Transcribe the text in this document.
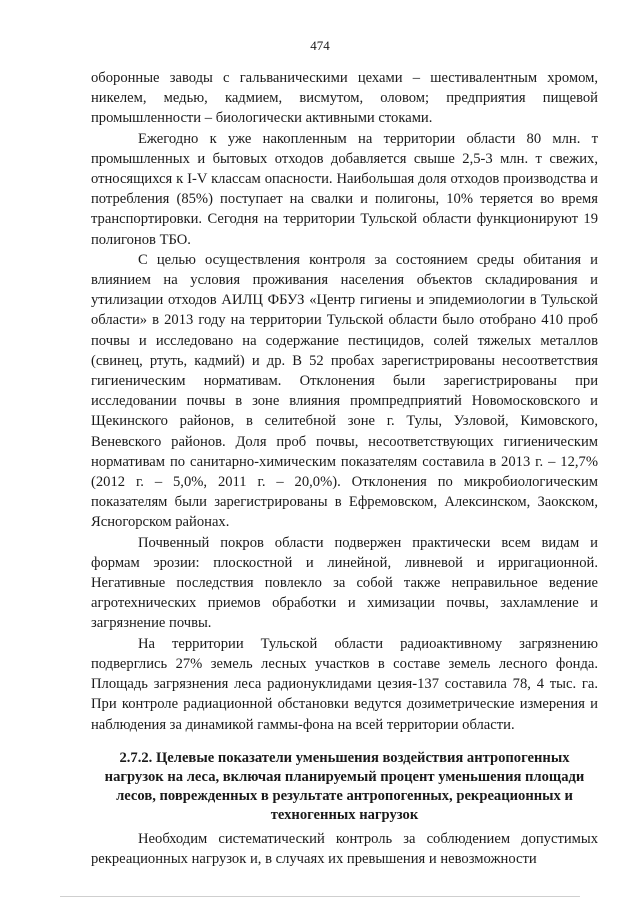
474

оборонные заводы с гальваническими цехами – шестивалентным хромом, никелем, медью, кадмием, висмутом, оловом; предприятия пищевой промышленности – биологически активными стоками.

Ежегодно к уже накопленным на территории области 80 млн. т промышленных и бытовых отходов добавляется свыше 2,5-3 млн. т свежих, относящихся к I-V классам опасности. Наибольшая доля отходов производства и потребления (85%) поступает на свалки и полигоны, 10% теряется во время транспортировки. Сегодня на территории Тульской области функционируют 19 полигонов ТБО.

С целью осуществления контроля за состоянием среды обитания и влиянием на условия проживания населения объектов складирования и утилизации отходов АИЛЦ ФБУЗ «Центр гигиены и эпидемиологии в Тульской области» в 2013 году на территории Тульской области было отобрано 410 проб почвы и исследовано на содержание пестицидов, солей тяжелых металлов (свинец, ртуть, кадмий) и др. В 52 пробах зарегистрированы несоответствия гигиеническим нормативам. Отклонения были зарегистрированы при исследовании почвы в зоне влияния промпредприятий Новомосковского и Щекинского районов, в селитебной зоне г. Тулы, Узловой, Кимовского, Веневского районов. Доля проб почвы, несоответствующих гигиеническим нормативам по санитарно-химическим показателям составила в 2013 г. – 12,7% (2012 г. – 5,0%, 2011 г. – 20,0%). Отклонения по микробиологическим показателям были зарегистрированы в Ефремовском, Алексинском, Заокском, Ясногорском районах.

Почвенный покров области подвержен практически всем видам и формам эрозии: плоскостной и линейной, ливневой и ирригационной. Негативные последствия повлекло за собой также неправильное ведение агротехнических приемов обработки и химизации почвы, захламление и загрязнение почвы.

На территории Тульской области радиоактивному загрязнению подверглись 27% земель лесных участков в составе земель лесного фонда. Площадь загрязнения леса радионуклидами цезия-137 составила 78, 4 тыс. га. При контроле радиационной обстановки ведутся дозиметрические измерения и наблюдения за динамикой гаммы-фона на всей территории области.

2.7.2. Целевые показатели уменьшения воздействия антропогенных нагрузок на леса, включая планируемый процент уменьшения площади лесов, поврежденных в результате антропогенных, рекреационных и техногенных нагрузок

Необходим систематический контроль за соблюдением допустимых рекреационных нагрузок и, в случаях их превышения и невозможности
